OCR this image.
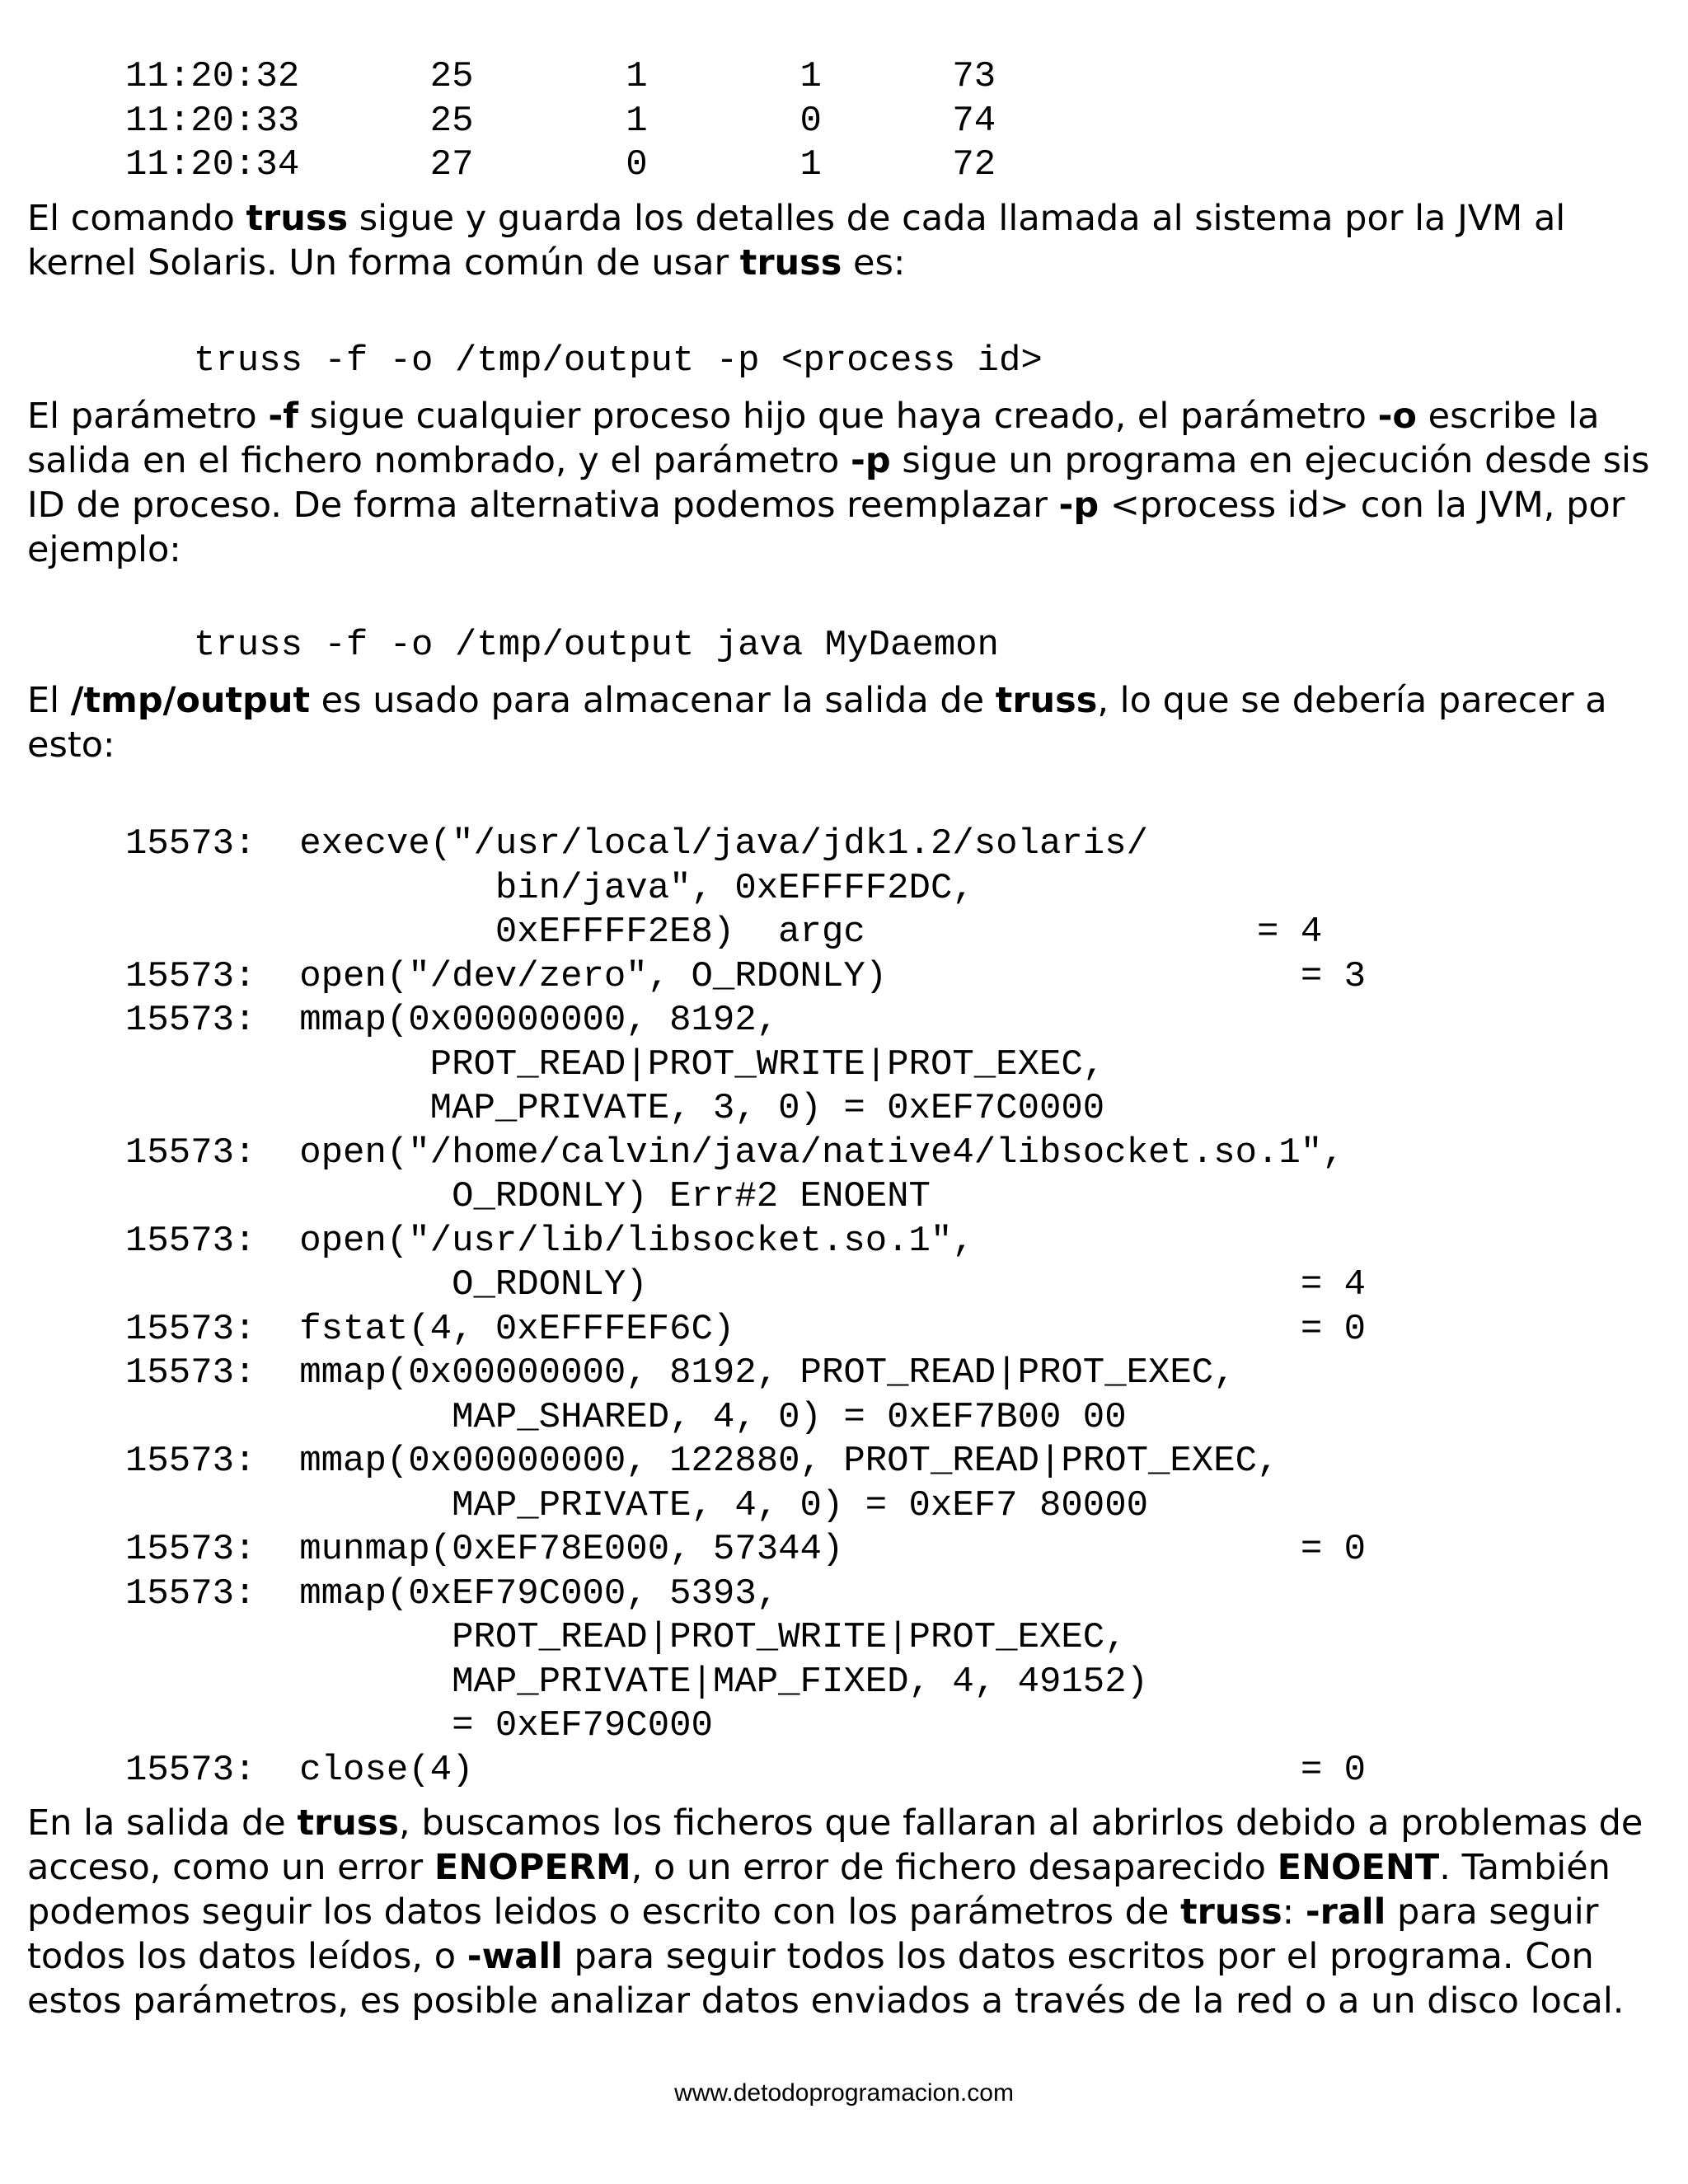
11:20:32      25       1       1      73
11:20:33      25       1       0      74
11:20:34      27       0       1      72

El comando truss sigue y guarda los detalles de cada llamada al sistema por la JVM al kernel Solaris. Un forma común de usar truss es:

truss -f -o /tmp/output -p <process id>

El parámetro -f sigue cualquier proceso hijo que haya creado, el parámetro -o escribe la salida en el fichero nombrado, y el parámetro -p sigue un programa en ejecución desde sis ID de proceso. De forma alternativa podemos reemplazar -p <process id> con la JVM, por ejemplo:

truss -f -o /tmp/output java MyDaemon

El /tmp/output es usado para almacenar la salida de truss, lo que se debería parecer a esto:

15573:  execve("/usr/local/java/jdk1.2/solaris/
bin/java", 0xEFFFF2DC,
0xEFFFF2E8)  argc                  = 4
15573:  open("/dev/zero", O_RDONLY)                   = 3
15573:  mmap(0x00000000, 8192,
PROT_READ|PROT_WRITE|PROT_EXEC,
MAP_PRIVATE, 3, 0) = 0xEF7C0000
15573:  open("/home/calvin/java/native4/libsocket.so.1",
O_RDONLY) Err#2 ENOENT
15573:  open("/usr/lib/libsocket.so.1",
O_RDONLY)                              = 4
15573:  fstat(4, 0xEFFFEF6C)                          = 0
15573:  mmap(0x00000000, 8192, PROT_READ|PROT_EXEC,
MAP_SHARED, 4, 0) = 0xEF7B00 00
15573:  mmap(0x00000000, 122880, PROT_READ|PROT_EXEC,
MAP_PRIVATE, 4, 0) = 0xEF7 80000
15573:  munmap(0xEF78E000, 57344)                     = 0
15573:  mmap(0xEF79C000, 5393,
PROT_READ|PROT_WRITE|PROT_EXEC,
MAP_PRIVATE|MAP_FIXED, 4, 49152)
= 0xEF79C000
15573:  close(4)                                      = 0

En la salida de truss, buscamos los ficheros que fallaran al abrirlos debido a problemas de acceso, como un error ENOPERM, o un error de fichero desaparecido ENOENT. También podemos seguir los datos leidos o escrito con los parámetros de truss: -rall para seguir todos los datos leídos, o -wall para seguir todos los datos escritos por el programa. Con estos parámetros, es posible analizar datos enviados a través de la red o a un disco local.

www.detodoprogramacion.com
